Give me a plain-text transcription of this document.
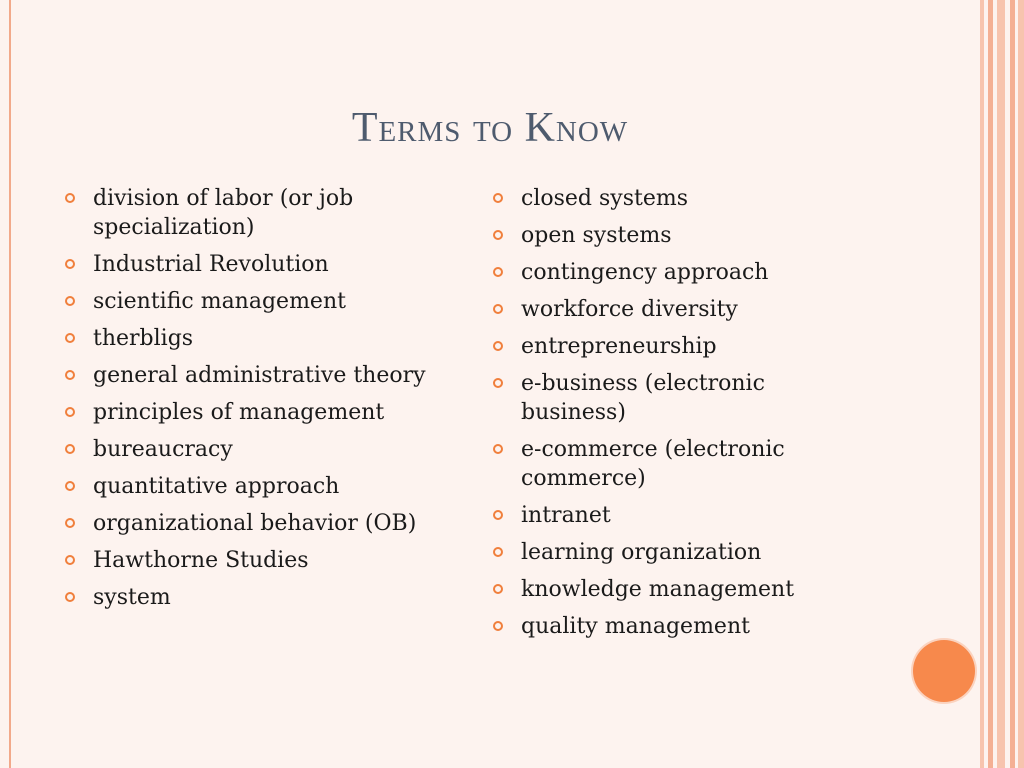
Terms to Know
division of labor (or job specialization)
Industrial Revolution
scientific management
therbligs
general administrative theory
principles of management
bureaucracy
quantitative approach
organizational behavior (OB)
Hawthorne Studies
system
closed systems
open systems
contingency approach
workforce diversity
entrepreneurship
e-business (electronic business)
e-commerce (electronic commerce)
intranet
learning organization
knowledge management
quality management
